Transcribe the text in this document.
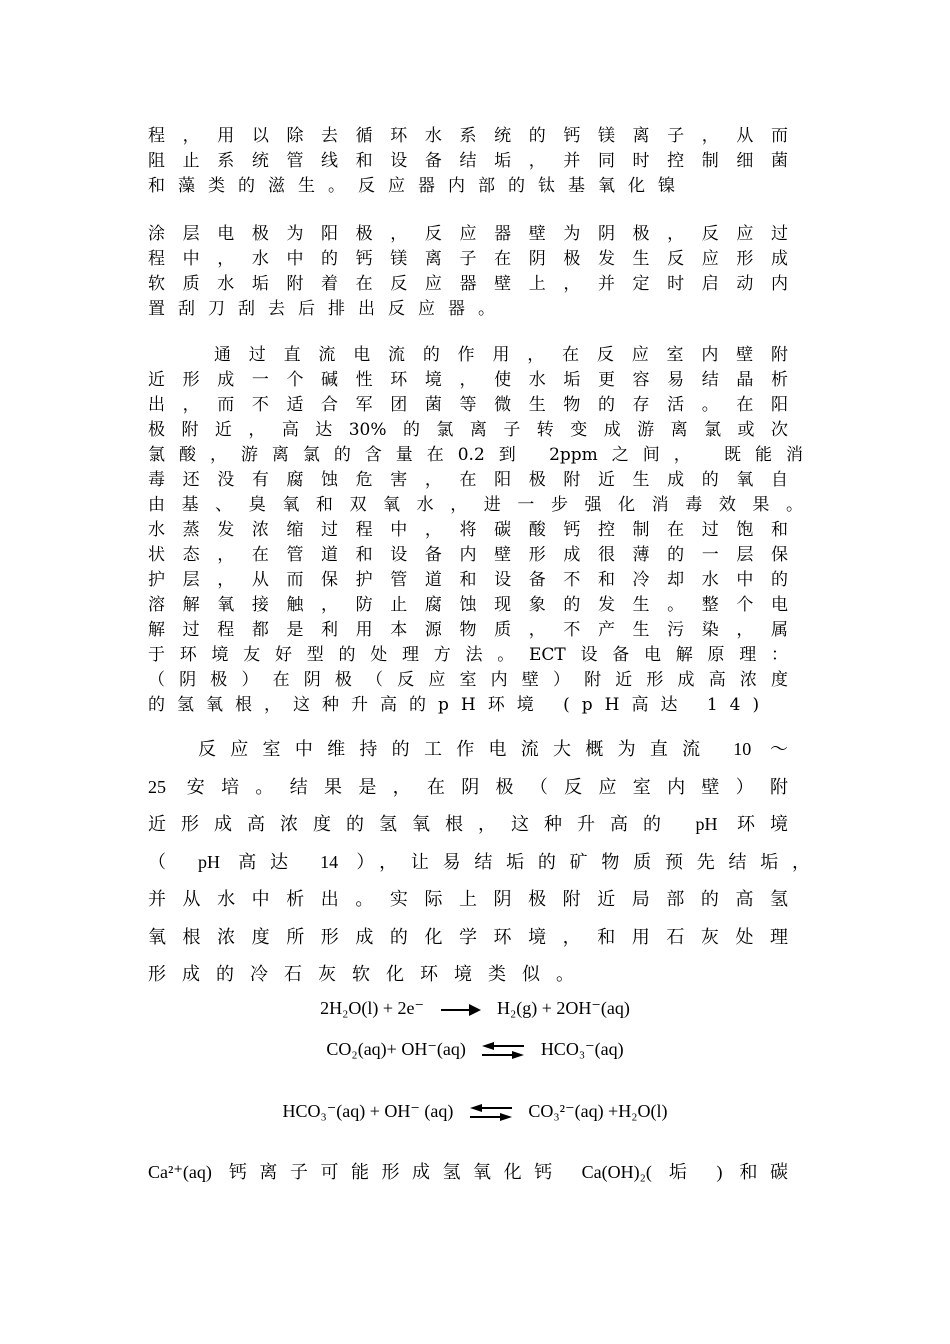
程，用以除去循环水系统的钙镁离子，从而
阻止系统管线和设备结垢，并同时控制细菌
和藻类的滋生。反应器内部的钛基氧化镍
涂层电极为阳极，反应器壁为阴极，反应过
程中，水中的钙镁离子在阴极发生反应形成
软质水垢附着在反应器壁上，并定时启动内
置刮刀刮去后排出反应器。
通过直流电流的作用，在反应室内壁附
近形成一个碱性环境，使水垢更容易结晶析
出，而不适合军团菌等微生物的存活。在阳
极附近，高达30%的氯离子转变成游离氯或次
氯酸，游离氯的含量在0.2到 2ppm之间， 既能消
毒还没有腐蚀危害，在阳极附近生成的氧自
由基、臭氧和双氧水，进一步强化消毒效果。
水蒸发浓缩过程中，将碳酸钙控制在过饱和
状态，在管道和设备内壁形成很薄的一层保
护层，从而保护管道和设备不和冷却水中的
溶解氧接触，防止腐蚀现象的发生。整个电
解过程都是利用本源物质，不产生污染，属
于环境友好型的处理方法。ECT设备电解原理：
（阴极）在阴极（反应室内壁）附近形成高浓度
的氢氧根，这种升高的pH环境 (pH高达 14)
反应室中维持的工作电流大概为直流 10 ～
25 安培。结果是，在阴极（反应室内壁）附
近形成高浓度的氢氧根，这种升高的 pH 环境
（ pH 高达 14 ），让易结垢的矿物质预先结垢，
并从水中析出。实际上阴极附近局部的高氢
氧根浓度所形成的化学环境，和用石灰处理
形成的冷石灰软化环境类似。
2H₂O(l) + 2e⁻	H₂(g) + 2OH⁻(aq)
CO₂(aq)+ OH⁻(aq) ⇌ HCO₃⁻(aq)
HCO₃⁻(aq) + OH⁻ (aq) ⇌ CO₃²⁻(aq) +H₂O(l)
Ca²⁺(aq) 钙离子可能形成氢氧化钙 Ca(OH)₂( 垢 ) 和碳
